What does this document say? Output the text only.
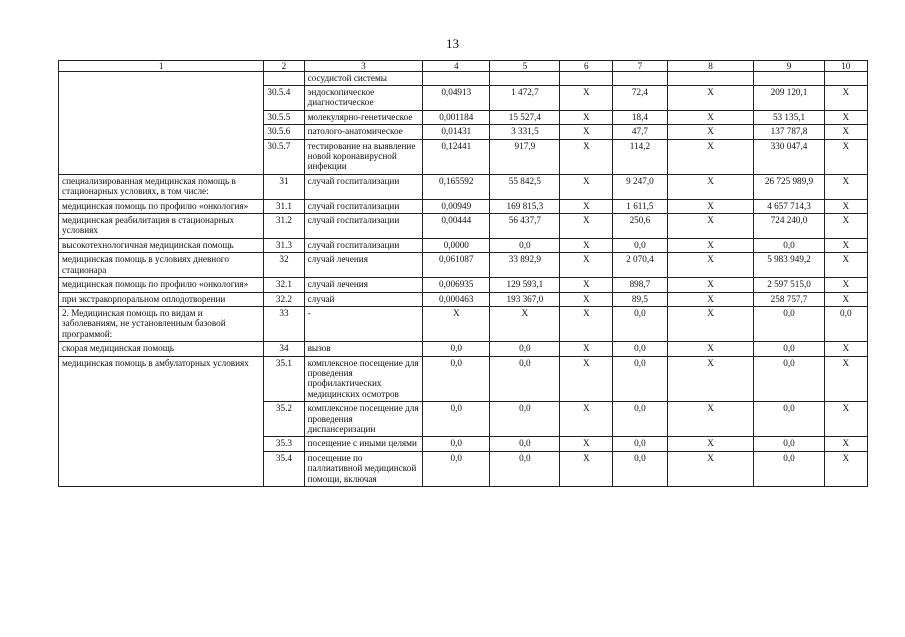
13
1	2	3	4	5	6	7	8	9	10
		сосудистой системы							
	30.5.4	эндоскопическое диагностическое	0,04913	1 472,7	X	72,4	X	209 120,1	X
	30.5.5	молекулярно-генетическое	0,001184	15 527,4	X	18,4	X	53 135,1	X
	30.5.6	патолого-анатомическое	0,01431	3 331,5	X	47,7	X	137 787,8	X
	30.5.7	тестирование на выявление новой коронавирусной инфекции	0,12441	917,9	X	114,2	X	330 047,4	X
специализированная медицинская помощь в стационарных условиях, в том числе:	31	случай госпитализации	0,165592	55 842,5	X	9 247,0	X	26 725 989,9	X
медицинская помощь по профилю «онкология»	31.1	случай госпитализации	0,00949	169 815,3	X	1 611,5	X	4 657 714,3	X
медицинская реабилитация в стационарных условиях	31.2	случай госпитализации	0,00444	56 437,7	X	250,6	X	724 240,0	X
высокотехнологичная медицинская помощь	31.3	случай госпитализации	0,0000	0,0	X	0,0	X	0,0	X
медицинская помощь в условиях дневного стационара	32	случай лечения	0,061087	33 892,9	X	2 070,4	X	5 983 949,2	X
медицинская помощь по профилю «онкология»	32.1	случай лечения	0,006935	129 593,1	X	898,7	X	2 597 515,0	X
при экстракорпоральном оплодотворении	32.2	случай	0,000463	193 367,0	X	89,5	X	258 757,7	X
2. Медицинская помощь по видам и заболеваниям, не установленным базовой программой:	33	-	X	X	X	0,0	X	0,0	0,0
скорая медицинская помощь	34	вызов	0,0	0,0	X	0,0	X	0,0	X
медицинская помощь в амбулаторных условиях	35.1	комплексное посещение для проведения профилактических медицинских осмотров	0,0	0,0	X	0,0	X	0,0	X
	35.2	комплексное посещение для проведения диспансеризации	0,0	0,0	X	0,0	X	0,0	X
	35.3	посещение с иными целями	0,0	0,0	X	0,0	X	0,0	X
	35.4	посещение по паллиативной медицинской помощи, включая	0,0	0,0	X	0,0	X	0,0	X
